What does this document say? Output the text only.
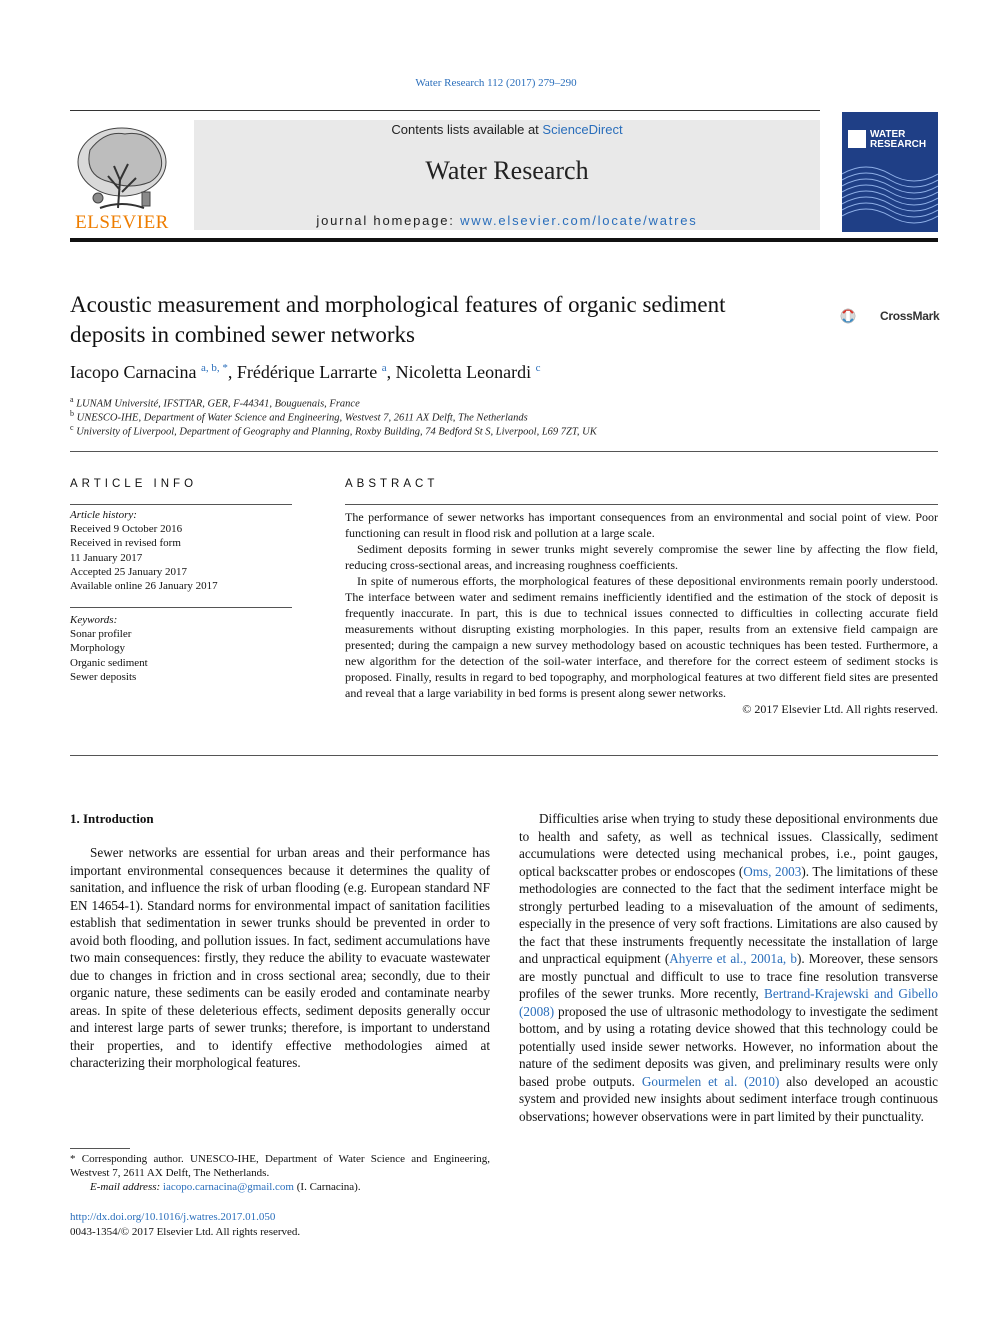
Water Research 112 (2017) 279–290
ELSEVIER
Contents lists available at ScienceDirect
Water Research
journal homepage: www.elsevier.com/locate/watres
WATER
RESEARCH
Acoustic measurement and morphological features of organic sediment deposits in combined sewer networks
CrossMark
Iacopo Carnacina $^{a, b, *}$, Frédérique Larrarte $^a$, Nicoletta Leonardi $^c$
$^a$ LUNAM Université, IFSTTAR, GER, F-44341, Bouguenais, France
$^b$ UNESCO-IHE, Department of Water Science and Engineering, Westvest 7, 2611 AX Delft, The Netherlands
$^c$ University of Liverpool, Department of Geography and Planning, Roxby Building, 74 Bedford St S, Liverpool, L69 7ZT, UK
ARTICLE INFO	ABSTRACT
Article history:
Received 9 October 2016
Received in revised form
11 January 2017
Accepted 25 January 2017
Available online 26 January 2017
Keywords:
Sonar profiler
Morphology
Organic sediment
Sewer deposits

The performance of sewer networks has important consequences from an environmental and social point of view. Poor functioning can result in flood risk and pollution at a large scale.

Sediment deposits forming in sewer trunks might severely compromise the sewer line by affecting the flow field, reducing cross-sectional areas, and increasing roughness coefficients.

In spite of numerous efforts, the morphological features of these depositional environments remain poorly understood. The interface between water and sediment remains inefficiently identified and the estimation of the stock of deposit is frequently inaccurate. In part, this is due to technical issues connected to difficulties in collecting accurate field measurements without disrupting existing morphologies. In this paper, results from an extensive field campaign are presented; during the campaign a new survey methodology based on acoustic techniques has been tested. Furthermore, a new algorithm for the detection of the soil-water interface, and therefore for the correct esteem of sediment stocks is proposed. Finally, results in regard to bed topography, and morphological features at two different field sites are presented and reveal that a large variability in bed forms is present along sewer networks.

© 2017 Elsevier Ltd. All rights reserved.

1. Introduction
Sewer networks are essential for urban areas and their performance has important environmental consequences because it determines the quality of sanitation, and influence the risk of urban flooding (e.g. European standard NF EN 14654-1). Standard norms for environmental impact of sanitation facilities establish that sedimentation in sewer trunks should be prevented in order to avoid both flooding, and pollution issues. In fact, sediment accumulations have two main consequences: firstly, they reduce the ability to evacuate wastewater due to changes in friction and in cross sectional area; secondly, due to their organic nature, these sediments can be easily eroded and contaminate nearby areas. In spite of these deleterious effects, sediment deposits generally occur and interest large parts of sewer trunks; therefore, is important to understand their properties, and to identify effective methodologies aimed at characterizing their morphological features.
Difficulties arise when trying to study these depositional environments due to health and safety, as well as technical issues. Classically, sediment accumulations were detected using mechanical probes, i.e., point gauges, optical backscatter probes or endoscopes (Oms, 2003). The limitations of these methodologies are connected to the fact that the sediment interface might be strongly perturbed leading to a misevaluation of the amount of sediments, especially in the presence of very soft fractions. Limitations are also caused by the fact that these instruments frequently necessitate the installation of large and unpractical equipment (Ahyerre et al., 2001a, b). Moreover, these sensors are mostly punctual and difficult to use to trace fine resolution transverse profiles of the sewer trunks. More recently, Bertrand-Krajewski and Gibello (2008) proposed the use of ultrasonic methodology to investigate the sediment bottom, and by using a rotating device showed that this technology could be potentially used inside sewer networks. However, no information about the nature of the sediment deposits was given, and preliminary results were only based probe outputs. Gourmelen et al. (2010) also developed an acoustic system and provided new insights about sediment interface trough continuous observations; however observations were in part limited by their punctuality.
* Corresponding author. UNESCO-IHE, Department of Water Science and Engineering, Westvest 7, 2611 AX Delft, The Netherlands.
E-mail address: iacopo.carnacina@gmail.com (I. Carnacina).
http://dx.doi.org/10.1016/j.watres.2017.01.050
0043-1354/© 2017 Elsevier Ltd. All rights reserved.
